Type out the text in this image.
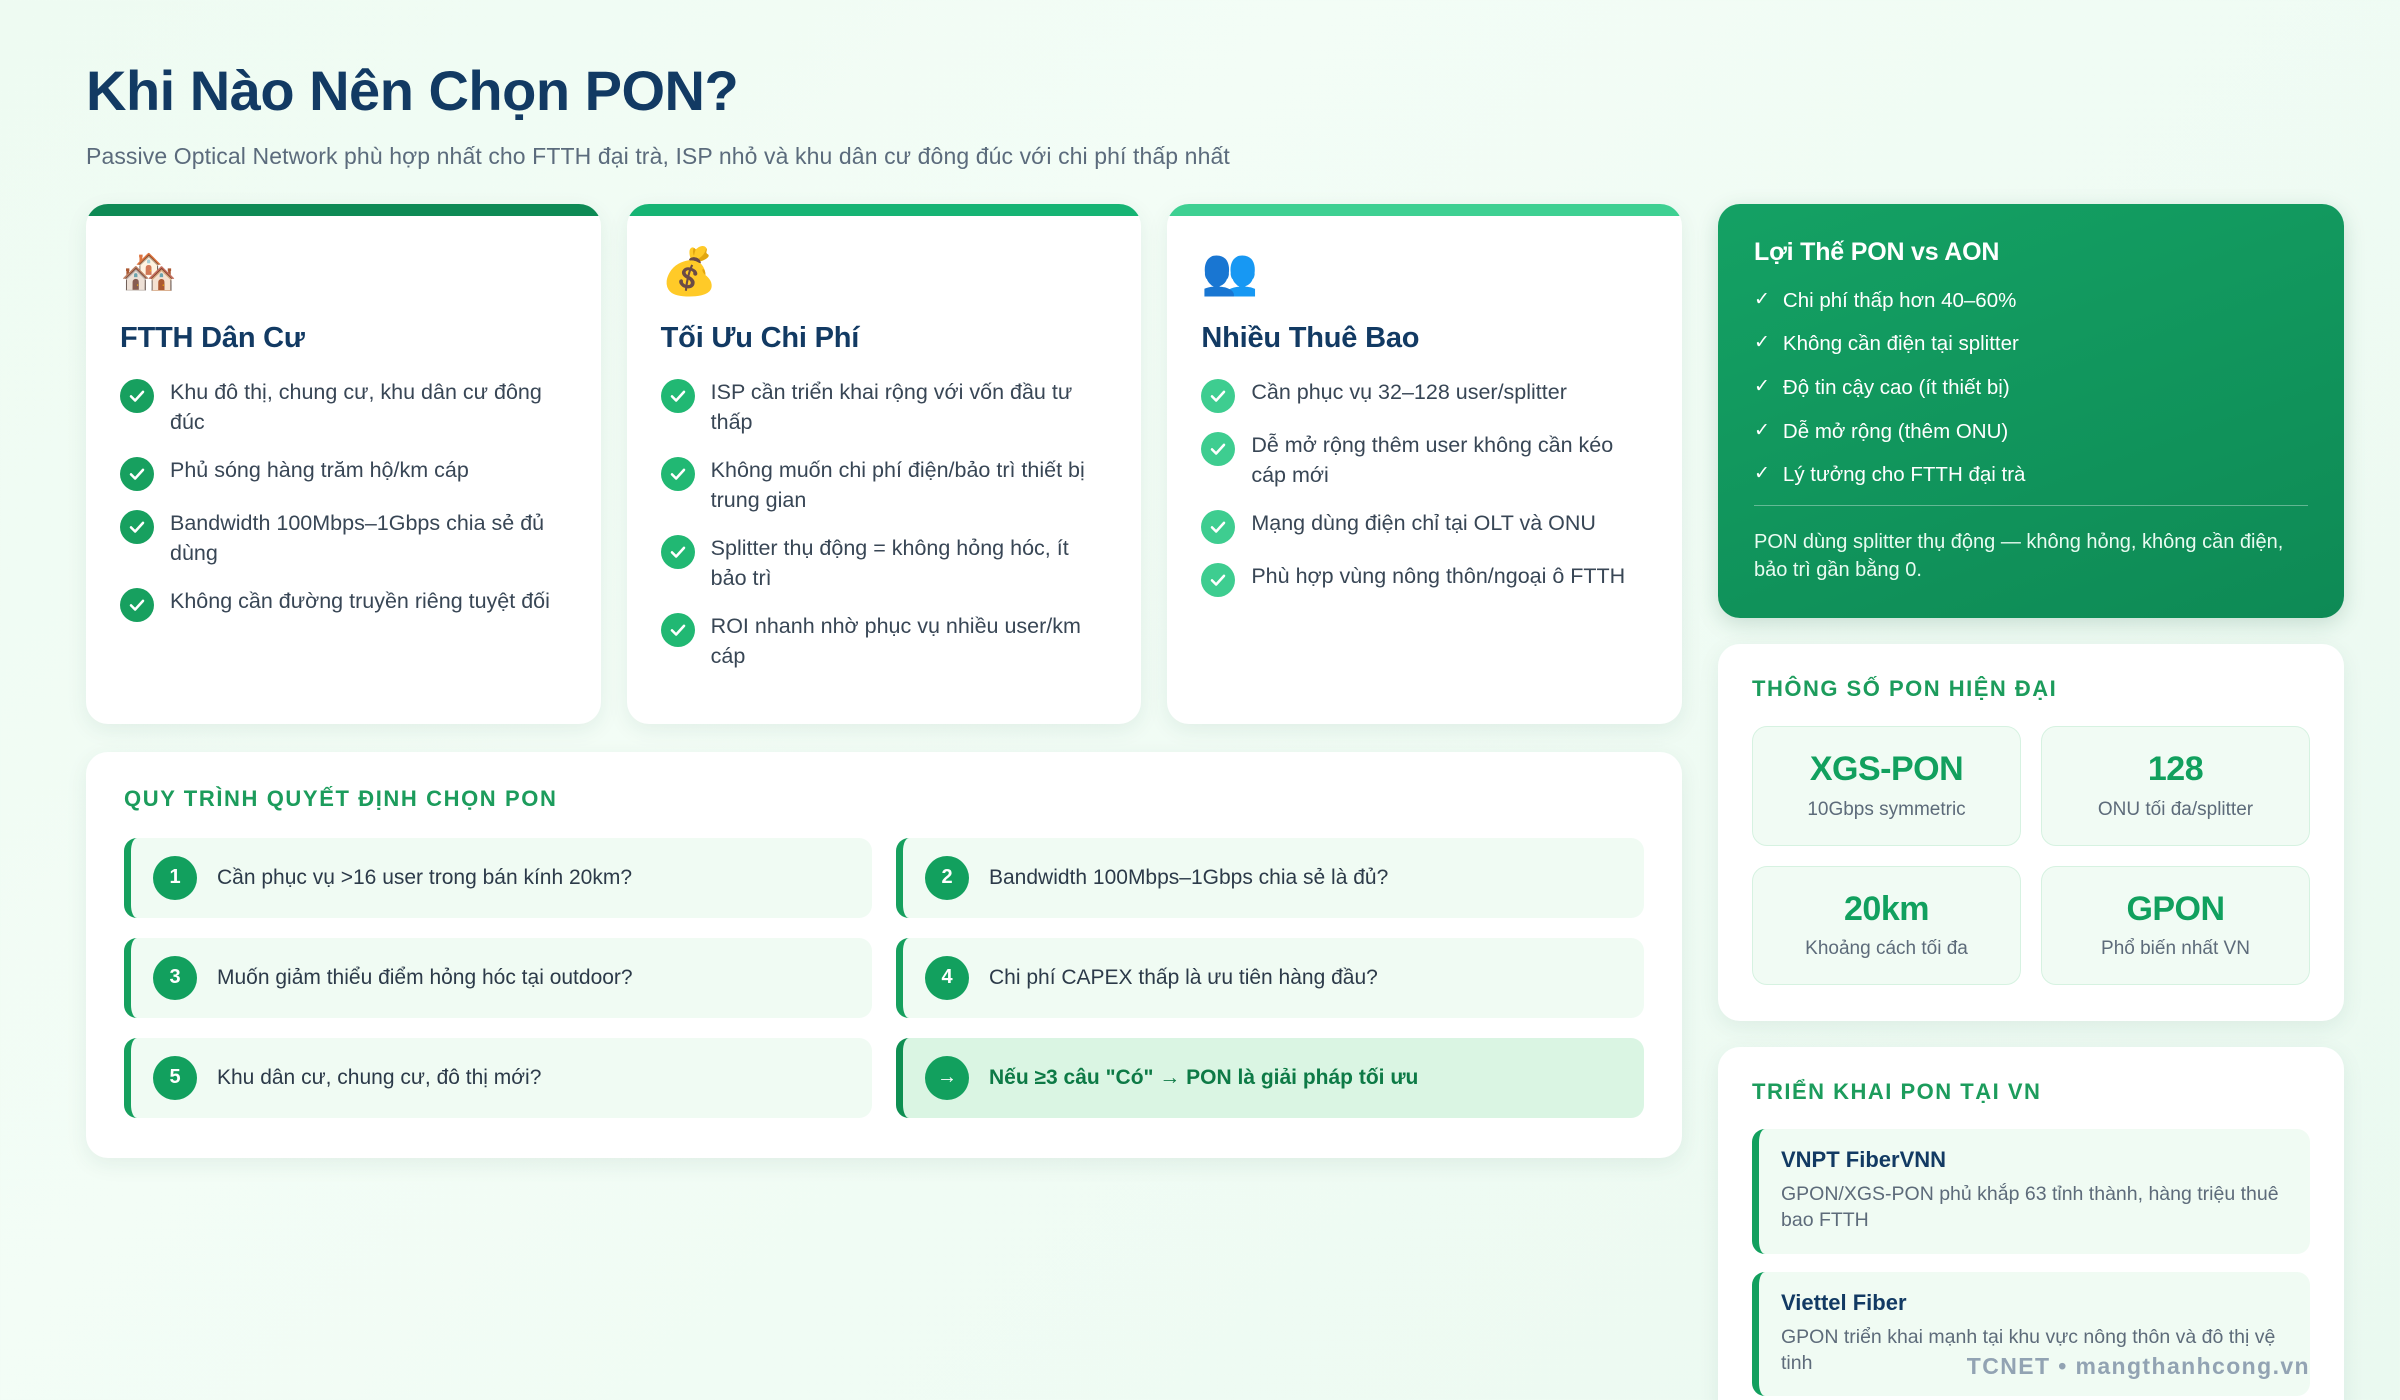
Khi Nào Nên Chọn PON?

Passive Optical Network phù hợp nhất cho FTTH đại trà, ISP nhỏ và khu dân cư đông đúc với chi phí thấp nhất

🏘️
FTTH Dân Cư
Khu đô thị, chung cư, khu dân cư đông đúc
Phủ sóng hàng trăm hộ/km cáp
Bandwidth 100Mbps–1Gbps chia sẻ đủ dùng
Không cần đường truyền riêng tuyệt đối
💰
Tối Ưu Chi Phí
ISP cần triển khai rộng với vốn đầu tư thấp
Không muốn chi phí điện/bảo trì thiết bị trung gian
Splitter thụ động = không hỏng hóc, ít bảo trì
ROI nhanh nhờ phục vụ nhiều user/km cáp
👥
Nhiều Thuê Bao
Cần phục vụ 32–128 user/splitter
Dễ mở rộng thêm user không cần kéo cáp mới
Mạng dùng điện chỉ tại OLT và ONU
Phù hợp vùng nông thôn/ngoại ô FTTH
QUY TRÌNH QUYẾT ĐỊNH CHỌN PON
1	Cần phục vụ >16 user trong bán kính 20km?	2	Bandwidth 100Mbps–1Gbps chia sẻ là đủ?
3	Muốn giảm thiểu điểm hỏng hóc tại outdoor?	4	Chi phí CAPEX thấp là ưu tiên hàng đầu?
5	Khu dân cư, chung cư, đô thị mới?	→	Nếu ≥3 câu "Có" → PON là giải pháp tối ưu
Lợi Thế PON vs AON
✓ Chi phí thấp hơn 40–60%
✓ Không cần điện tại splitter
✓ Độ tin cậy cao (ít thiết bị)
✓ Dễ mở rộng (thêm ONU)
✓ Lý tưởng cho FTTH đại trà
PON dùng splitter thụ động — không hỏng, không cần điện, bảo trì gần bằng 0.
THÔNG SỐ PON HIỆN ĐẠI
XGS-PON
10Gbps symmetric
128
ONU tối đa/splitter
20km
Khoảng cách tối đa
GPON
Phổ biến nhất VN
TRIỂN KHAI PON TẠI VN
VNPT FiberVNN
GPON/XGS-PON phủ khắp 63 tỉnh thành, hàng triệu thuê bao FTTH
Viettel Fiber
GPON triển khai mạnh tại khu vực nông thôn và đô thị vệ tinh	TCNET • mangthanhcong.vn
